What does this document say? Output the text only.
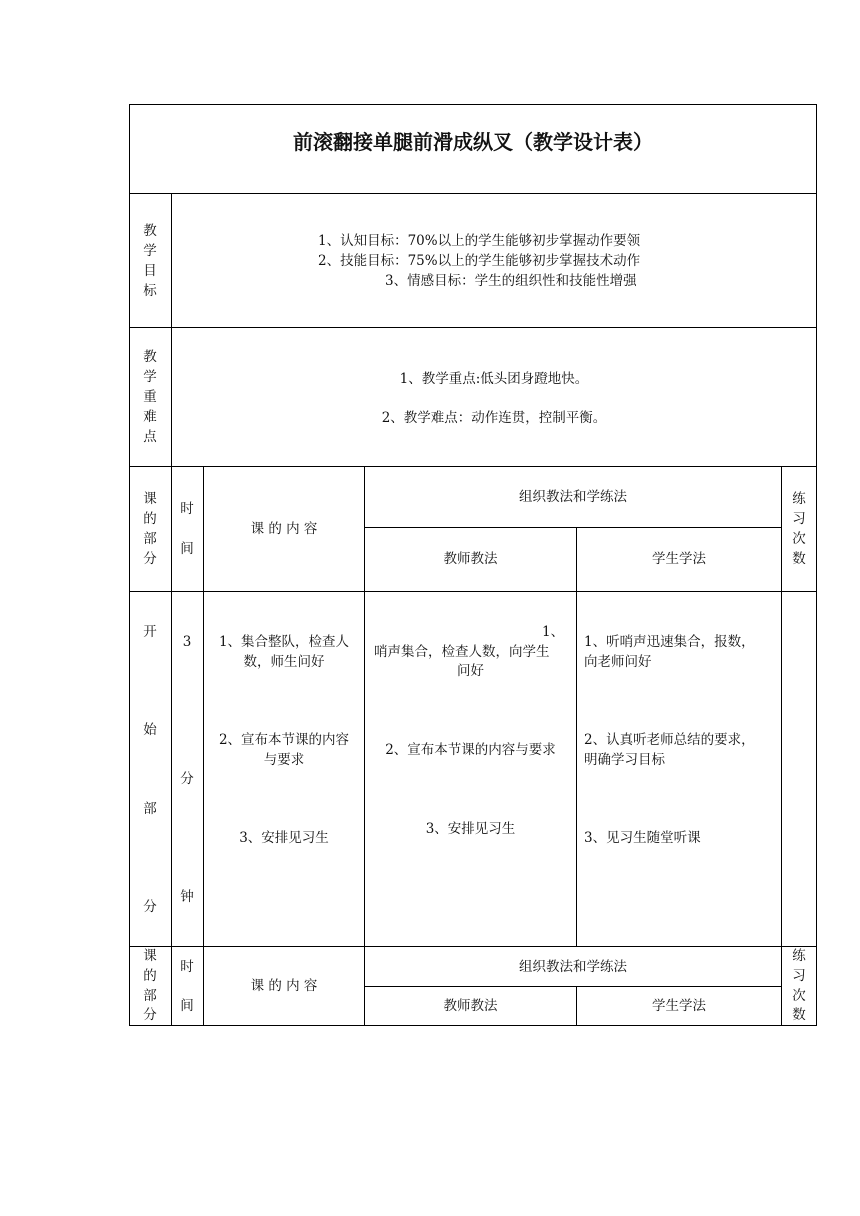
前滚翻接单腿前滑成纵叉（教学设计表）
教
学
目
标
1、认知目标：70%以上的学生能够初步掌握动作要领
2、技能目标：75%以上的学生能够初步掌握技术动作
3、情感目标：学生的组织性和技能性增强
教
学
重
难
点
1、教学重点:低头团身蹬地快。
2、教学难点：动作连贯，控制平衡。
课
的
部
分
时
间
课 的 内 容
组织教法和学练法
教师教法	学生学法
练
习
次
数
开
始
部
分
3
分
钟
1、集合整队，检查人
数，师生问好
2、宣布本节课的内容
与要求
3、安排见习生
1、
哨声集合，检查人数，向学生
问好
2、宣布本节课的内容与要求
3、安排见习生
1、听哨声迅速集合，报数，
向老师问好
2、认真听老师总结的要求，
明确学习目标
3、见习生随堂听课
课
的
部
分
时
间
课 的 内 容
组织教法和学练法
教师教法	学生学法
练
习
次
数
